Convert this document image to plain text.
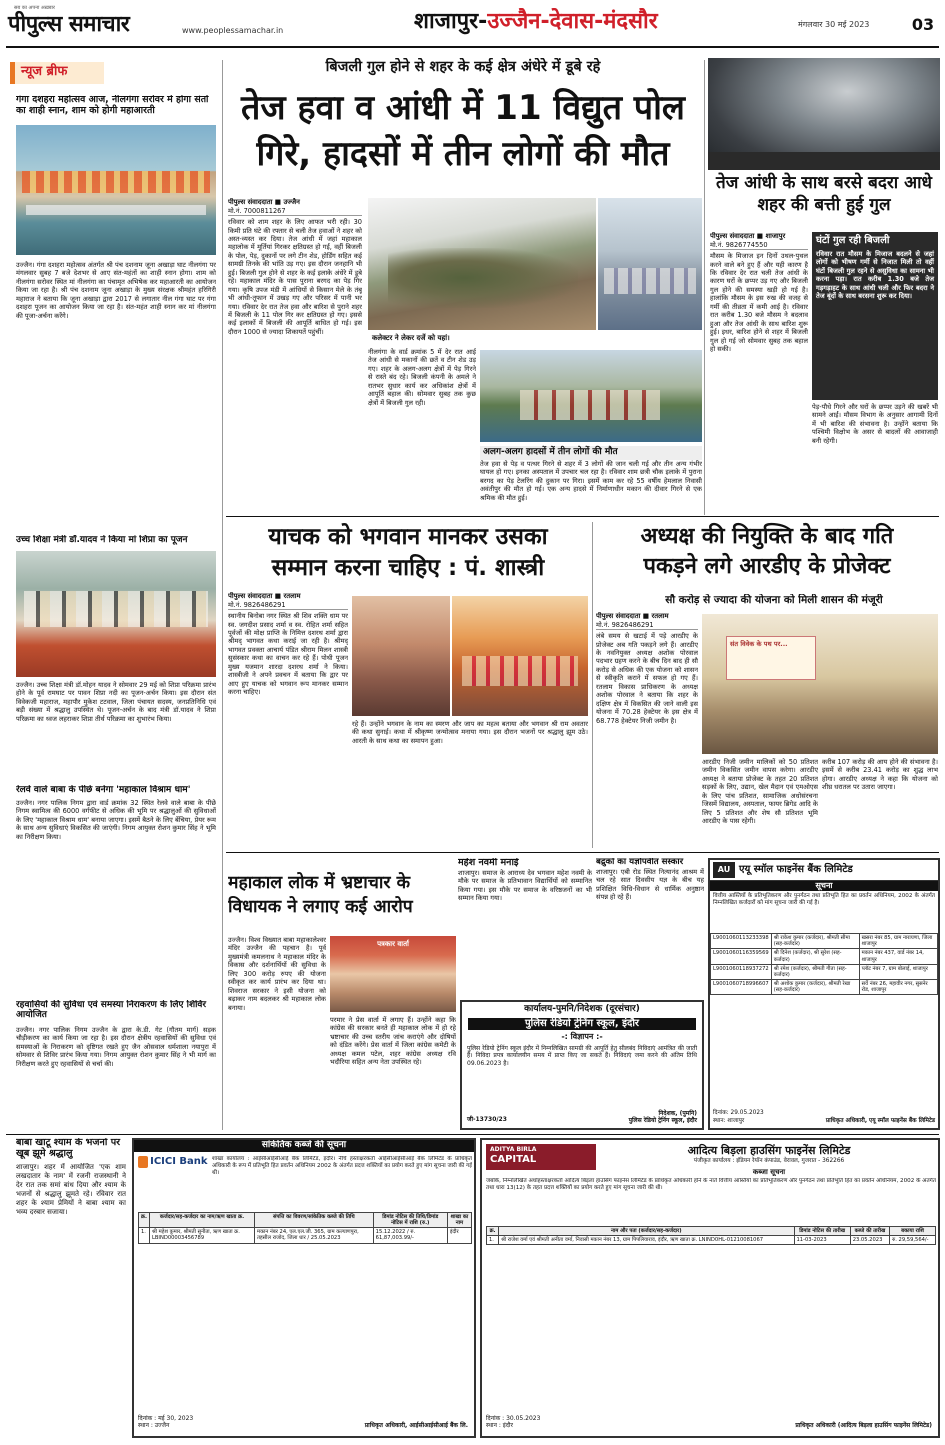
सब का अपना अख़बार
पीपुल्स समाचार	www.peoplessamachar.in	शाजापुर-उज्जैन-देवास-मंदसौर	मंगलवार 30 मई 2023	03
न्यूज ब्रीफ
गंगा दशहरा महोत्सव आज, नीलगंगा सरोवर में होगा संतों का शाही स्नान, शाम को होगी महाआरती

उज्जैन। गंगा दशहरा महोत्सव अंतर्गत श्री पंच दशनाम जूना अखाड़ा घाट नीलगंगा पर मंगलवार सुबह 7 बजे देशभर से आए संत-महंतों का शाही स्नान होगा। शाम को नीलगंगा सरोवर स्थित मां नीलगंगा का पंचामृत अभिषेक कर महाआरती का आयोजन किया जा रहा है। श्री पंच दशनाम जूना अखाड़ा के मुख्य संरक्षक श्रीमहंत हरिगिरी महाराज ने बताया कि जूना अखाड़ा द्वारा 2017 से लगातार नील गंगा घाट पर गंगा दशहरा पूजन का आयोजन किया जा रहा है। संत-महंत शाही स्नान कर मां नीलगंगा की पूजा-अर्चना करेंगे।

उच्च शिक्षा मंत्री डॉ.यादव ने किया मां शिप्रा का पूजन

उज्जैन। उच्च शिक्षा मंत्री डॉ.मोहन यादव ने सोमवार 29 मई को शिप्रा परिक्रमा प्रारंभ होने के पूर्व रामघाट पर पावन शिप्रा नदी का पूजन-अर्चन किया। इस दौरान संत विवेकजी महाराज, महापौर मुकेश टटवाल, जिला पंचायत सदस्य, जनप्रतिनिधि एवं बड़ी संख्या में श्रद्धालु उपस्थित थे। पूजन-अर्चन के बाद मंत्री डॉ.यादव ने शिप्रा परिक्रमा का ध्वज लहराकर शिप्रा तीर्थ परिक्रमा का शुभारंभ किया।

रेलवे वाले बाबा के पीछे बनेगा 'महाकाल विश्राम धाम'

उज्जैन। नगर पालिक निगम द्वारा वार्ड क्रमांक 32 स्थित रेलवे वाले बाबा के पीछे निगम स्वामित्व की 6000 वर्गफीट से अधिक की भूमि पर श्रद्धालुओं की सुविधाओं के लिए 'महाकाल विश्राम धाम' बनाया जाएगा। इसमें बैठने के लिए बेंचिया, प्रेयर रूम के साथ अन्य सुविधाएं विकसित की जाएंगी। निगम आयुक्त रोशन कुमार सिंह ने भूमि का निरीक्षण किया।

रहवासियों की सुविधा एवं समस्या निराकरण के लिए शिविर आयोजित

उज्जैन। नगर पालिक निगम उज्जैन के द्वारा के.डी. गेट (गौतम मार्ग) सड़क चौड़ीकरण का कार्य किया जा रहा है। इस दौरान क्षेत्रीय रहवासियों की सुविधा एवं समस्याओं के निराकरण को दृष्टिगत रखते हुए जैन ओसवाल धर्मशाला नयापुरा में सोमवार से शिविर प्रारंभ किया गया। निगम आयुक्त रोशन कुमार सिंह ने भी मार्ग का निरीक्षण करते हुए रहवासियों से चर्चा की।

बिजली गुल होने से शहर के कई क्षेत्र अंधेरे में डूबे रहे
तेज हवा व आंधी में 11 विद्युत पोल
गिरे, हादसों में तीन लोगों की मौत
पीपुल्स संवाददाता ■ उज्जैन
मो.नं. 7000811267

रविवार को शाम शहर के लिए आफत भरी रही। 30 किमी प्रति घंटे की रफ्तार से चली तेज हवाओं ने शहर को अस्त-व्यस्त कर दिया। तेज आंधी में जहां महाकाल महालोक में मूर्तियां गिरकर क्षतिग्रस्त हो गईं, वहीं बिजली के पोल, पेड़, दुकानों पर लगे टीन शेड, होर्डिंग सहित कई सामग्री तिनके की भांति उड़ गए। इस दौरान जनहानि भी हुई। बिजली गुल होने से शहर के कई इलाके अंधेरे में डूबे रहे। महाकाल मंदिर के पास पुराना बरगद का पेड़ गिर गया। कृषि उपज मंडी में आंधियों से किसान मेले के तंबू भी आंधी-तूफान में उखड़ गए और परिसर में पानी भर गया। रविवार देर रात तेज हवा और बारिश से पुराने शहर में बिजली के 11 पोल गिर कर क्षतिग्रस्त हो गए। इससे कई इलाकों में बिजली की आपूर्ति बाधित हो गई। इस दौरान 1000 से ज्यादा शिकायतें पहुंचीं।

कलेक्टर ने लेकर दर्जे को यहां।

नीलगंगा के वार्ड क्रमांक 5 में देर रात आई तेज आंधी से मकानों की छतें व टीन शेड उड़ गए। शहर के अलग-अलग क्षेत्रों में पेड़ गिरने से रास्ते बंद रहे। बिजली कंपनी के अमले ने रातभर सुधार कार्य कर अधिकांश क्षेत्रों में आपूर्ति बहाल की। सोमवार सुबह तक कुछ क्षेत्रों में बिजली गुल रही।

अलग-अलग हादसों में तीन लोगों की मौत

तेज हवा से पेड़ व पत्थर गिरने से शहर में 3 लोगों की जान चली गई और तीन अन्य गंभीर घायल हो गए। इनका अस्पताल में उपचार चल रहा है। रविवार शाम छत्री चौक इलाके में पुराना बरगद का पेड़ टेलरिंग की दुकान पर गिरा। इसमें काम कर रहे 55 वर्षीय हेमलाल निवासी अवंतीपुर की मौत हो गई। एक अन्य हादसे में निर्माणाधीन मकान की दीवार गिरने से एक श्रमिक की मौत हुई।

तेज आंधी के साथ बरसे बदरा आधे शहर की बत्ती हुई गुल
पीपुल्स संवाददाता ■ शाजापुर
मो.नं. 9826774550

मौसम के मिजाज इन दिनों उथल-पुथल करने वाले बने हुए हैं और यही कारण है कि रविवार देर रात चली तेज आंधी के कारण घरों के छप्पर उड़ गए और बिजली गुल होने की समस्या खड़ी हो गई है। हालांकि मौसम के इस रुख की वजह से गर्मी की तीव्रता में कमी आई है। रविवार रात करीब 1.30 बजे मौसम ने बदलाव हुआ और तेज आंधी के साथ बारिश शुरू हुई। इधर, बारिश होने से शहर में बिजली गुल हो गई जो सोमवार सुबह तक बहाल हो सकी।

घंटों गुल रही बिजली

रविवार रात मौसम के मिजाज बदलने से जहां लोगों को भीषण गर्मी से निजात मिली तो वहीं घंटों बिजली गुल रहने से असुविधा का सामना भी करना पड़ा। रात करीब 1.30 बजे तेज गड़गड़ाहट के साथ आंधी चली और फिर बदरा ने तेज बूंदों के साथ बरसना शुरू कर दिया।

पेड़-पौधे गिरने और घरों के छप्पर उड़ने की खबरें भी सामने आईं। मौसम विभाग के अनुसार आगामी दिनों में भी बारिश की संभावना है। उन्होंने बताया कि पश्चिमी विक्षोभ के असर से बादलों की आवाजाही बनी रहेगी।

याचक को भगवान मानकर उसका
सम्मान करना चाहिए : पं. शास्त्री
पीपुल्स संवाददाता ■ रतलाम
मो.नं. 9826486291

स्थानीय बिनोबा नगर स्थित श्री शिव शक्ति धाम पर स्व. जगदीश प्रसाद शर्मा व स्व. रोहित शर्मा सहित पूर्वजों की मोक्ष प्राप्ति के निमित्त दशरथ शर्मा द्वारा श्रीमद् भागवत कथा कराई जा रही है। श्रीमद् भागवत प्रवक्ता आचार्य पंडित श्रीराम मिलन शास्त्री सुसंस्कार कथा का वाचन कर रहे हैं। पोथी पूजन मुख्य यजमान शारदा दशरथ शर्मा ने किया। शास्त्रीजी ने अपने प्रवचन में बताया कि द्वार पर आए हुए याचक को भगवान रूप मानकर सम्मान करना चाहिए।

रहे हैं। उन्होंने भगवान के नाम का स्मरण और जाप का महत्व बताया और भगवान श्री राम अवतार की कथा सुनाई। कथा में श्रीकृष्ण जन्मोत्सव मनाया गया। इस दौरान भजनों पर श्रद्धालु झूम उठे। आरती के साथ कथा का समापन हुआ।

अध्यक्ष की नियुक्ति के बाद गति
पकड़ने लगे आरडीए के प्रोजेक्ट
सौ करोड़ से ज्यादा की योजना को मिली शासन की मंजूरी
पीपुल्स संवाददाता ■ रतलाम
मो.नं. 9826486291

लंबे समय से खटाई में पड़े आरडीए के प्रोजेक्ट अब गति पकड़ने लगे हैं। आरडीए के नवनियुक्त अध्यक्ष अशोक पोरवाल पदभार ग्रहण करने के बीच दिन बाद ही सौ करोड़ से अधिक की एक योजना को शासन से स्वीकृति कराने में सफल हो गए हैं। रतलाम विकास प्राधिकरण के अध्यक्ष अशोक पोरवाल ने बताया कि शहर के दक्षिण क्षेत्र में विकसित की जाने वाली इस योजना में 70.28 हेक्टेयर के इस क्षेत्र में 68.778 हेक्टेयर निजी जमीन है।

संत विवेक के पथ पर...

आरडीए निजी जमीन मालिकों को 50 प्रतिशत जमीन विकसित जमीन वापस करेगा। आरडीए अध्यक्ष ने बताया प्रोजेक्ट के तहत 20 प्रतिशत सड़कों के लिए, उद्यान, खेल मैदान एवं एमओएस के लिए पांच प्रतिशत, सामाजिक अधोसंरचना जिसमें विद्यालय, अस्पताल, फायर ब्रिगेड आदि के लिए 5 प्रतिशत और शेष सौ प्रतिशत भूमि आरडीए के पास रहेगी।

करीब 107 करोड़ की आय होने की संभावना है। इसमें से करीब 23.41 करोड़ का शुद्ध लाभ होगा। आरडीए अध्यक्ष ने कहा कि योजना को शीघ्र धरातल पर उतारा जाएगा।

महेश नवमी मनाई

शाजापुर। समाज के आराध्य देव भगवान महेश नवमी के मौके पर समाज के प्रतिभावान विद्यार्थियों को सम्मानित किया गया। इस मौके पर समाज के वरिष्ठजनों का भी सम्मान किया गया।

बद्रुको का यज्ञोपवीत संस्कार

शाजापुर। एबी रोड स्थित नित्यानंद आश्रम में चल रहे सात दिवसीय यज्ञ के बीच यह प्रशिक्षित विधि-विधान से धार्मिक अनुष्ठान संपन्न हो रहे हैं।

महाकाल लोक में भ्रष्टाचार के
विधायक ने लगाए कई आरोप
पत्रकार वार्ता

उज्जैन। विश्व विख्यात बाबा महाकालेश्वर मंदिर उज्जैन की पहचान है। पूर्व मुख्यमंत्री कमलनाथ ने महाकाल मंदिर के विकास और दर्शनार्थियों की सुविधा के लिए 300 करोड़ रुपए की योजना स्वीकृत कर कार्य प्रारंभ कर दिया था। शिवराज सरकार ने इसी योजना को बढ़ाकर नाम बदलकर श्री महाकाल लोक बनाया।

परमार ने प्रेस वार्ता में लगाए हैं। उन्होंने कहा कि कांग्रेस की सरकार बनते ही महाकाल लोक में हो रहे भ्रष्टाचार की उच्च स्तरीय जांच कराएंगे और दोषियों को दंडित करेंगे। प्रेस वार्ता में जिला कांग्रेस कमेटी के अध्यक्ष कमल पटेल, शहर कांग्रेस अध्यक्ष रवि भदौरिया सहित अन्य नेता उपस्थित रहे।

कार्यालय-पुमनि/निदेशक (दूरसंचार)
पुलिस रेडियो ट्रेनिंग स्कूल, इंदौर
-: विज्ञापन :-

पुलिस रेडियो ट्रेनिंग स्कूल इंदौर में निम्नलिखित सामग्री की आपूर्ति हेतु सीलबंद निविदाएं आमंत्रित की जाती हैं। निविदा प्रपत्र कार्यालयीन समय में प्राप्त किए जा सकते हैं। निविदाएं जमा करने की अंतिम तिथि 09.06.2023 है।

जी-13730/23
निदेशक, (पुमनि)
पुलिस रेडियो ट्रेनिंग स्कूल, इंदौर
AU एयू स्मॉल फाइनेंस बैंक लिमिटेड
सूचना

वित्तीय आस्तियों के प्रतिभूतिकरण और पुनर्गठन तथा प्रतिभूति हित का प्रवर्तन अधिनियम, 2002 के अंतर्गत निम्नलिखित कर्जदारों को मांग सूचना जारी की गई है।

L9001060113233398	श्री राकेश कुमार (कर्जदार), श्रीमती सीमा (सह-कर्जदार)	खसरा नंबर 85, ग्राम नारायणा, जिला शाजापुर
L9001060116359569	श्री दिनेश (कर्जदार), श्री सुरेश (सह-कर्जदार)	मकान नंबर 437, वार्ड नंबर 14, शाजापुर
L9001060118937272	श्री रमेश (कर्जदार), श्रीमती गीता (सह-कर्जदार)	प्लॉट नंबर 7, ग्राम बोलाई, शाजापुर
L9001060718996607	श्री अशोक कुमार (कर्जदार), श्रीमती रेखा (सह-कर्जदार)	सर्वे नंबर 26, महावीर नगर, सुसनेर रोड, शाजापुर
दिनांक: 29.05.2023
स्थान: शाजापुर	प्राधिकृत अधिकारी, एयू स्मॉल फाइनेंस बैंक लिमिटेड
बाबा खाटू श्याम के भजनों पर खूब झूमे श्रद्धालु

शाजापुर। शहर में आयोजित 'एक शाम लखदातार के नाम' में रजनी राजस्थानी ने देर रात तक समां बांध दिया और श्याम के भजनों से श्रद्धालु झूमते रहे। रविवार रात शहर के श्याम प्रेमियों ने बाबा श्याम का भव्य दरबार सजाया।

सांकेतिक कब्जे की सूचना
ICICI Bank शाखा कार्यालय : आईसीआईसीआई बैंक लिमिटेड, इंदौर। नीचे हस्ताक्षरकर्ता आईसीआईसीआई बैंक लिमिटेड के प्राधिकृत अधिकारी के रूप में प्रतिभूति हित प्रवर्तन अधिनियम 2002 के अंतर्गत प्रदत्त शक्तियों का प्रयोग करते हुए मांग सूचना जारी की गई थी।

क्र.	कर्जदार/सह-कर्जदार का नाम/ऋण खाता क्र.	संपत्ति का विवरण/सांकेतिक कब्जे की तिथि	डिमांड नोटिस की तिथि/डिमांड नोटिस में राशि (रु.)	शाखा का नाम
1.	श्री महेश कुमार, श्रीमती सुनीता, ऋण खाता क्र. LBIND00003456789	मकान नंबर 24, एल.एल.जी. 365, ग्राम कल्याणपुरा, तहसील राजोद, जिला धार / 25.05.2023	15.12.2022 / रु. 61,87,003.99/-	इंदौर
दिनांक : मई 30, 2023
स्थान : उज्जैन	प्राधिकृत अधिकारी, आईसीआईसीआई बैंक लि.
ADITYA BIRLA
CAPITAL
आदित्य बिड़ला हाउसिंग फाइनेंस लिमिटेड
पंजीकृत कार्यालय : इंडियन रेयॉन कंपाउंड, वेरावल, गुजरात - 362266
कब्जा सूचना

जबकि, निम्नलिखित अधोहस्ताक्षरकर्ता आदित्य बिड़ला हाउसिंग फाइनेंस लिमिटेड के प्राधिकृत अधिकारी होने के नाते वित्तीय आस्तियों का प्रतिभूतिकरण और पुनर्गठन तथा प्रतिभूति हित का प्रवर्तन अधिनियम, 2002 के अंतर्गत तथा धारा 13(12) के तहत प्रदत्त शक्तियों का प्रयोग करते हुए मांग सूचना जारी की थी।

क्र.	नाम और पता (कर्जदार/सह-कर्जदार)	डिमांड नोटिस की तारीख	कब्जे की तारीख	बकाया राशि
1.	श्री राजेश वर्मा एवं श्रीमती अनीता वर्मा, निवासी मकान नंबर 13, ग्राम पिपलियाराव, इंदौर, ऋण खाता क्र. LNIND0HL-01210081067	11-03-2023	23.05.2023	रु. 29,59,564/-
दिनांक : 30.05.2023
स्थान : इंदौर	प्राधिकृत अधिकारी (आदित्य बिड़ला हाउसिंग फाइनेंस लिमिटेड)
